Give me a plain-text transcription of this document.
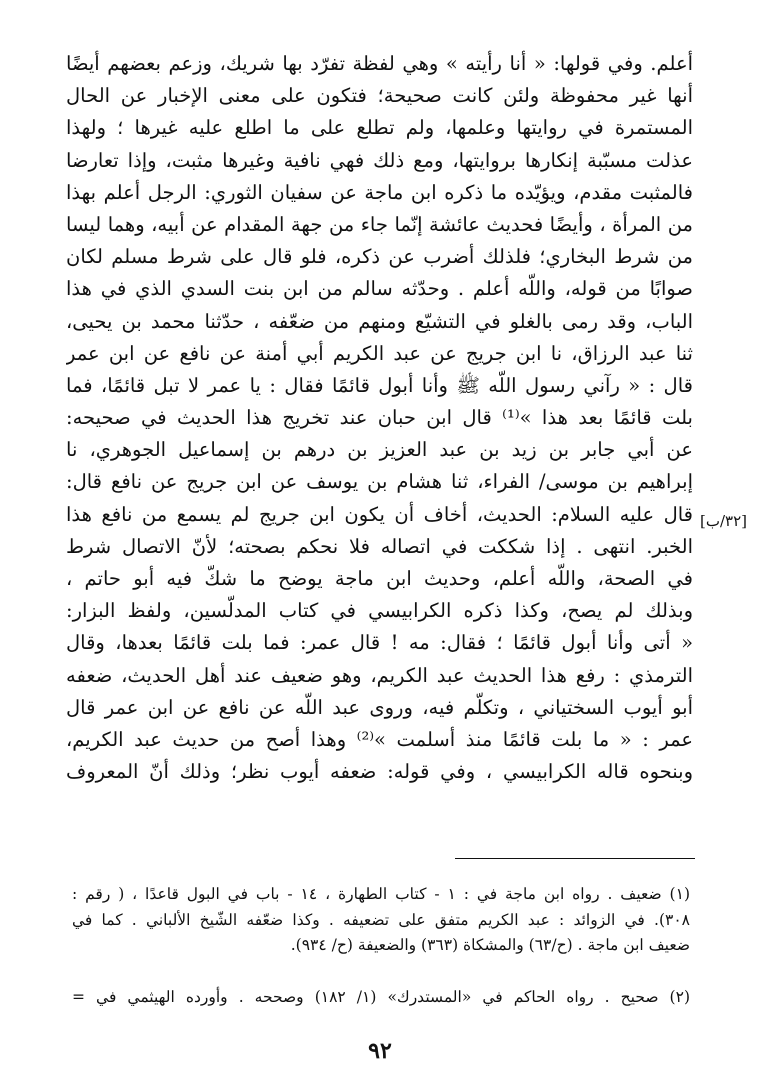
أعلم. وفي قولها: « أنا رأيته » وهي لفظة تفرّد بها شريك، وزعم بعضهم أيضًا
أنها غير محفوظة ولئن كانت صحيحة؛ فتكون على معنى الإخبار عن الحال
المستمرة في روايتها وعلمها، ولم تطلع على ما اطلع عليه غيرها ؛ ولهذا
عذلت مسبّبة إنكارها بروايتها، ومع ذلك فهي نافية وغيرها مثبت، وإذا تعارضا
فالمثبت مقدم، ويؤيّده ما ذكره ابن ماجة عن سفيان الثوري: الرجل أعلم بهذا
من المرأة ، وأيضًا فحديث عائشة إنّما جاء من جهة المقدام عن أبيه، وهما ليسا
من شرط البخاري؛ فلذلك أضرب عن ذكره، فلو قال على شرط مسلم لكان
صوابًا من قوله، واللّه أعلم . وحدّثه سالم من ابن بنت السدي الذي في هذا
الباب، وقد رمى بالغلو في التشيّع ومنهم من ضعّفه ، حدّثنا محمد بن يحيى،
ثنا عبد الرزاق، نا ابن جريج عن عبد الكريم أبي أمنة عن نافع عن ابن عمر
قال : « رآني رسول اللّه ﷺ وأنا أبول قائمًا فقال : يا عمر لا تبل قائمًا، فما
بلت قائمًا بعد هذا »⁽¹⁾ قال ابن حبان عند تخريج هذا الحديث في صحيحه:
عن أبي جابر بن زيد بن عبد العزيز بن درهم بن إسماعيل الجوهري، نا
إبراهيم بن موسى/ الفراء، ثنا هشام بن يوسف عن ابن جريج عن نافع قال:
قال عليه السلام: الحديث، أخاف أن يكون ابن جريج لم يسمع من نافع هذا
الخبر. انتهى . إذا شككت في اتصاله فلا نحكم بصحته؛ لأنّ الاتصال شرط
في الصحة، واللّه أعلم، وحديث ابن ماجة يوضح ما شكّ فيه أبو حاتم ،
وبذلك لم يصح، وكذا ذكره الكرابيسي في كتاب المدلّسين، ولفظ البزار:
« أتى وأنا أبول قائمًا ؛ فقال: مه ! قال عمر: فما بلت قائمًا بعدها، وقال
الترمذي : رفع هذا الحديث عبد الكريم، وهو ضعيف عند أهل الحديث، ضعفه
أبو أيوب السختياني ، وتكلّم فيه، وروى عبد اللّه عن نافع عن ابن عمر قال
عمر : « ما بلت قائمًا منذ أسلمت »⁽²⁾ وهذا أصح من حديث عبد الكريم،
وبنحوه قاله الكرابيسي ، وفي قوله: ضعفه أيوب نظر؛ وذلك أنّ المعروف
[٣٢/ب]
(١) ضعيف . رواه ابن ماجة في : ١ - كتاب الطهارة ، ١٤ - باب في البول قاعدًا ، ( رقم :
٣٠٨). في الزوائد : عبد الكريم متفق على تضعيفه . وكذا ضعّفه الشّيخ الألباني . كما في
ضعيف ابن ماجة . (ح/٦٣) والمشكاة (٣٦٣) والضعيفة (ح/ ٩٣٤).
(٢) صحيح . رواه الحاكم في «المستدرك» (١/ ١٨٢) وصححه . وأورده الهيثمي في =
٩٢
